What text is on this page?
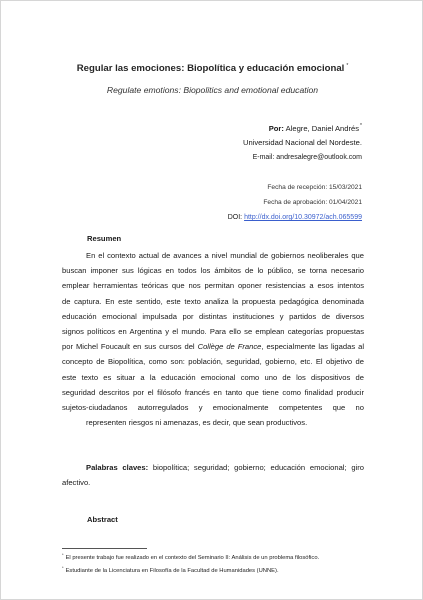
Regular las emociones: Biopolítica y educación emocional *
Regulate emotions: Biopolitics and emotional education
Por: Alegre, Daniel Andrés*
Universidad Nacional del Nordeste.
E-mail: andresalegre@outlook.com
Fecha de recepción: 15/03/2021
Fecha de aprobación: 01/04/2021
DOI: http://dx.doi.org/10.30972/ach.065599
Resumen
En el contexto actual de avances a nivel mundial de gobiernos neoliberales que
buscan imponer sus lógicas en todos los ámbitos de lo público, se torna necesario
emplear herramientas teóricas que nos permitan oponer resistencias a esos intentos
de captura. En este sentido, este texto analiza la propuesta pedagógica denominada
educación emocional impulsada por distintas instituciones y partidos de diversos
signos políticos en Argentina y el mundo. Para ello se emplean categorías propuestas
por Michel Foucault en sus cursos del Collège de France, especialmente las ligadas al
concepto de Biopolítica, como son: población, seguridad, gobierno, etc. El objetivo de
este texto es situar a la educación emocional como uno de los dispositivos de
seguridad descritos por el filósofo francés en tanto que tiene como finalidad producir
sujetos-ciudadanos autorregulados y emocionalmente competentes que no
representen riesgos ni amenazas, es decir, que sean productivos.
Palabras claves: biopolítica; seguridad; gobierno; educación emocional; giro
afectivo.
Abstract
*El presente trabajo fue realizado en el contexto del Seminario II: Análisis de un problema filosófico.
*Estudiante de la Licenciatura en Filosofía de la Facultad de Humanidades (UNNE).
